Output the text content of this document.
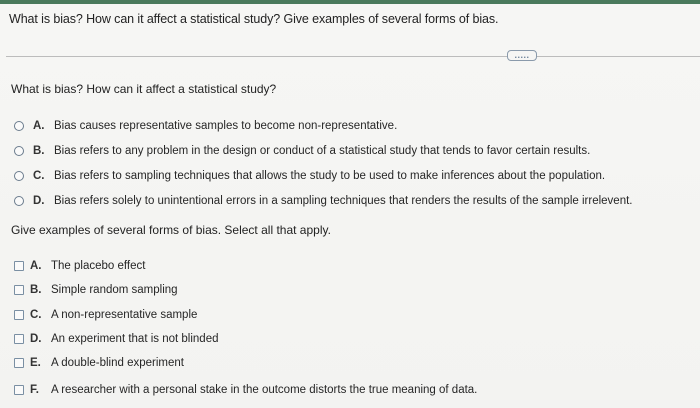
What is bias? How can it affect a statistical study? Give examples of several forms of bias.
.....
What is bias? How can it affect a statistical study?
A. Bias causes representative samples to become non-representative.
B. Bias refers to any problem in the design or conduct of a statistical study that tends to favor certain results.
C. Bias refers to sampling techniques that allows the study to be used to make inferences about the population.
D. Bias refers solely to unintentional errors in a sampling techniques that renders the results of the sample irrelevent.
Give examples of several forms of bias. Select all that apply.
A. The placebo effect
B. Simple random sampling
C. A non-representative sample
D. An experiment that is not blinded
E. A double-blind experiment
F.	A researcher with a personal stake in the outcome distorts the true meaning of data.
